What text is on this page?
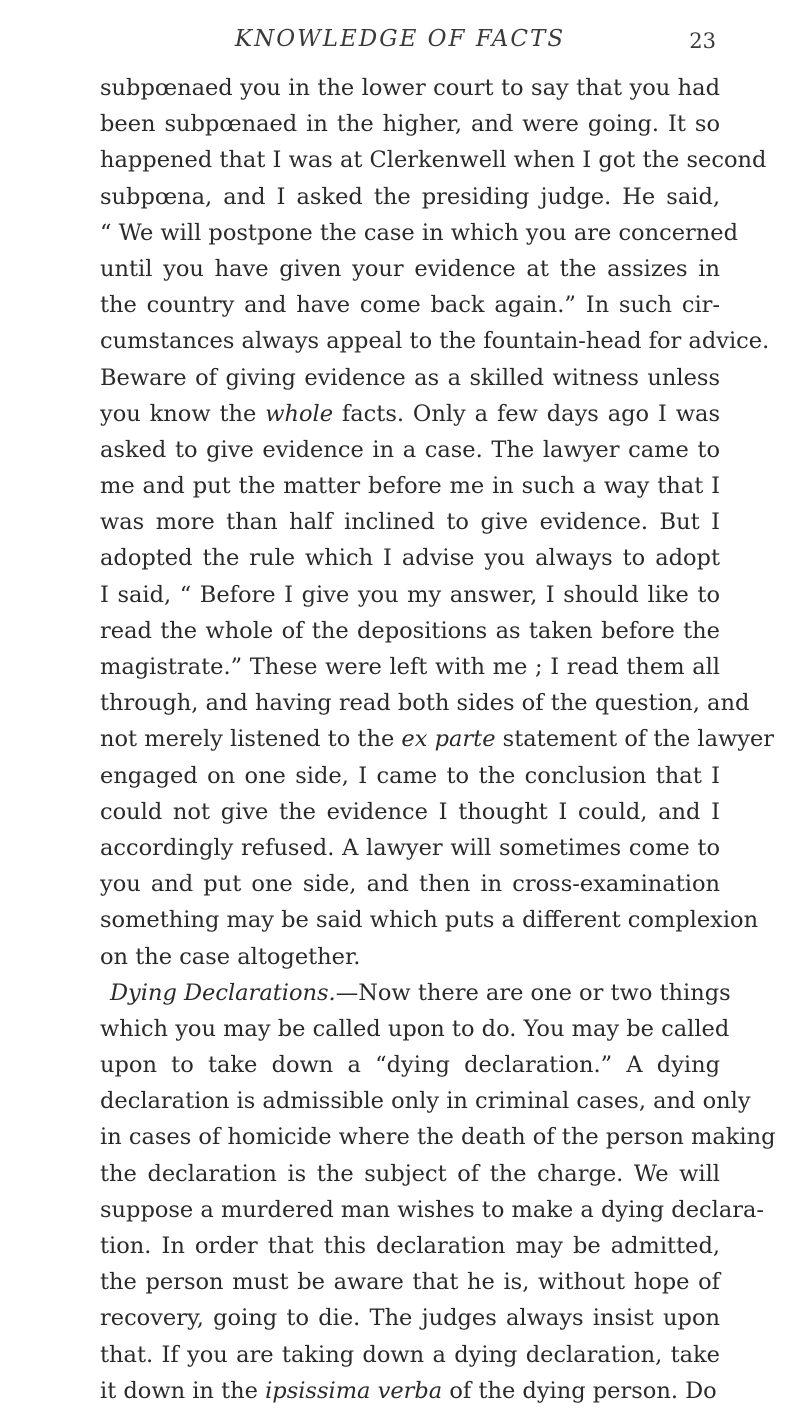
KNOWLEDGE OF FACTS	23
subpœnaed you in the lower court to say that you had
been subpœnaed in the higher, and were going. It so
happened that I was at Clerkenwell when I got the second
subpœna, and I asked the presiding judge. He said,
“ We will postpone the case in which you are concerned
until you have given your evidence at the assizes in
the country and have come back again.” In such cir-
cumstances always appeal to the fountain-head for advice.
Beware of giving evidence as a skilled witness unless
you know the whole facts. Only a few days ago I was
asked to give evidence in a case. The lawyer came to
me and put the matter before me in such a way that I
was more than half inclined to give evidence. But I
adopted the rule which I advise you always to adopt
I said, “ Before I give you my answer, I should like to
read the whole of the depositions as taken before the
magistrate.” These were left with me ; I read them all
through, and having read both sides of the question, and
not merely listened to the ex parte statement of the lawyer
engaged on one side, I came to the conclusion that I
could not give the evidence I thought I could, and I
accordingly refused. A lawyer will sometimes come to
you and put one side, and then in cross-examination
something may be said which puts a different complexion
on the case altogether.
Dying Declarations.—Now there are one or two things
which you may be called upon to do. You may be called
upon to take down a “dying declaration.” A dying
declaration is admissible only in criminal cases, and only
in cases of homicide where the death of the person making
the declaration is the subject of the charge. We will
suppose a murdered man wishes to make a dying declara-
tion. In order that this declaration may be admitted,
the person must be aware that he is, without hope of
recovery, going to die. The judges always insist upon
that. If you are taking down a dying declaration, take
it down in the ipsissima verba of the dying person. Do
